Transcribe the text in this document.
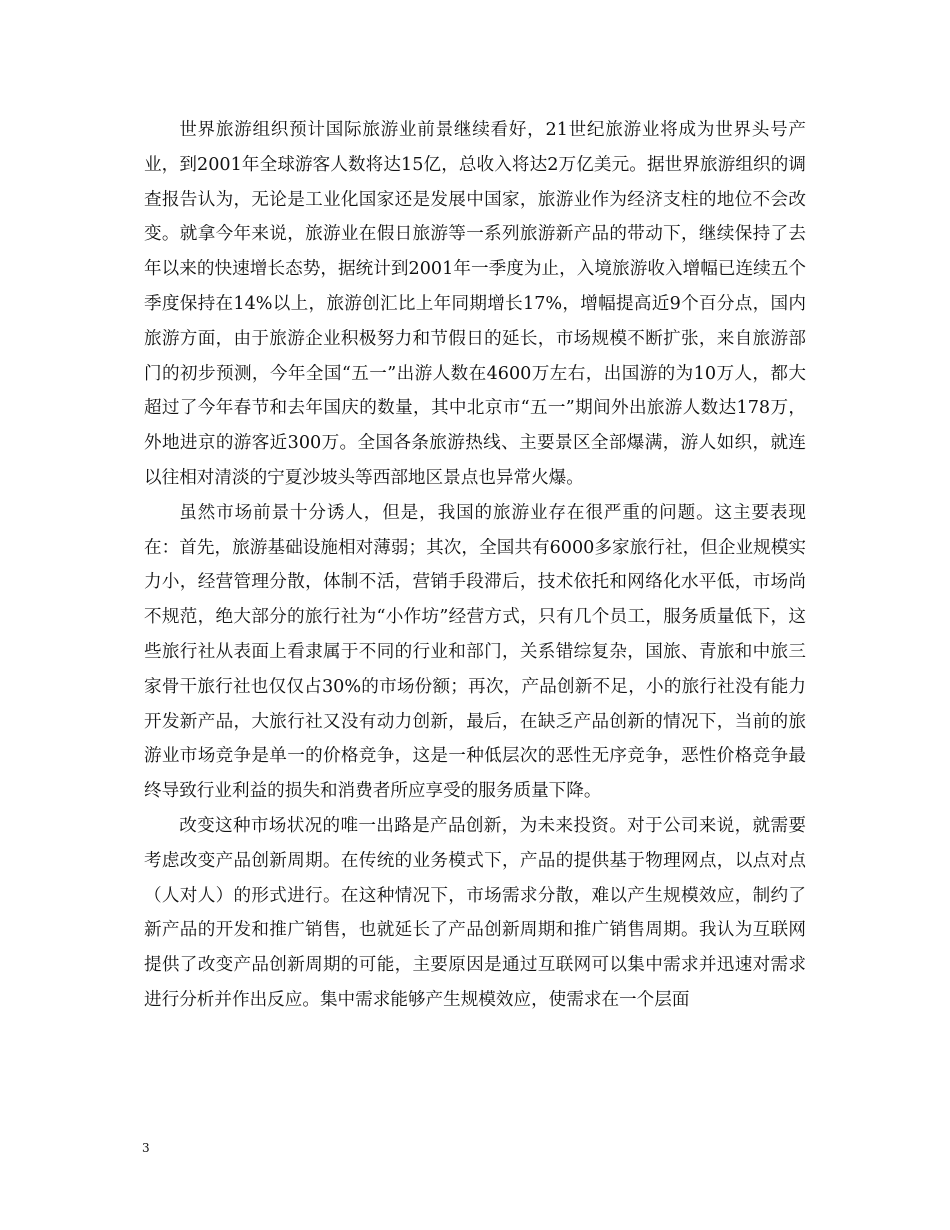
世界旅游组织预计国际旅游业前景继续看好，21世纪旅游业将成为世界头号产业，到2001年全球游客人数将达15亿，总收入将达2万亿美元。据世界旅游组织的调查报告认为，无论是工业化国家还是发展中国家，旅游业作为经济支柱的地位不会改变。就拿今年来说，旅游业在假日旅游等一系列旅游新产品的带动下，继续保持了去年以来的快速增长态势，据统计到2001年一季度为止，入境旅游收入增幅已连续五个季度保持在14%以上，旅游创汇比上年同期增长17%，增幅提高近9个百分点，国内旅游方面，由于旅游企业积极努力和节假日的延长，市场规模不断扩张，来自旅游部门的初步预测，今年全国“五一”出游人数在4600万左右，出国游的为10万人，都大超过了今年春节和去年国庆的数量，其中北京市“五一”期间外出旅游人数达178万，外地进京的游客近300万。全国各条旅游热线、主要景区全部爆满，游人如织，就连以往相对清淡的宁夏沙坡头等西部地区景点也异常火爆。

虽然市场前景十分诱人，但是，我国的旅游业存在很严重的问题。这主要表现在：首先，旅游基础设施相对薄弱；其次，全国共有6000多家旅行社，但企业规模实力小，经营管理分散，体制不活，营销手段滞后，技术依托和网络化水平低，市场尚不规范，绝大部分的旅行社为“小作坊”经营方式，只有几个员工，服务质量低下，这些旅行社从表面上看隶属于不同的行业和部门，关系错综复杂，国旅、青旅和中旅三家骨干旅行社也仅仅占30%的市场份额；再次，产品创新不足，小的旅行社没有能力开发新产品，大旅行社又没有动力创新，最后，在缺乏产品创新的情况下，当前的旅游业市场竞争是单一的价格竞争，这是一种低层次的恶性无序竞争，恶性价格竞争最终导致行业利益的损失和消费者所应享受的服务质量下降。

改变这种市场状况的唯一出路是产品创新，为未来投资。对于公司来说，就需要考虑改变产品创新周期。在传统的业务模式下，产品的提供基于物理网点，以点对点（人对人）的形式进行。在这种情况下，市场需求分散，难以产生规模效应，制约了新产品的开发和推广销售，也就延长了产品创新周期和推广销售周期。我认为互联网提供了改变产品创新周期的可能，主要原因是通过互联网可以集中需求并迅速对需求进行分析并作出反应。集中需求能够产生规模效应，使需求在一个层面

3
